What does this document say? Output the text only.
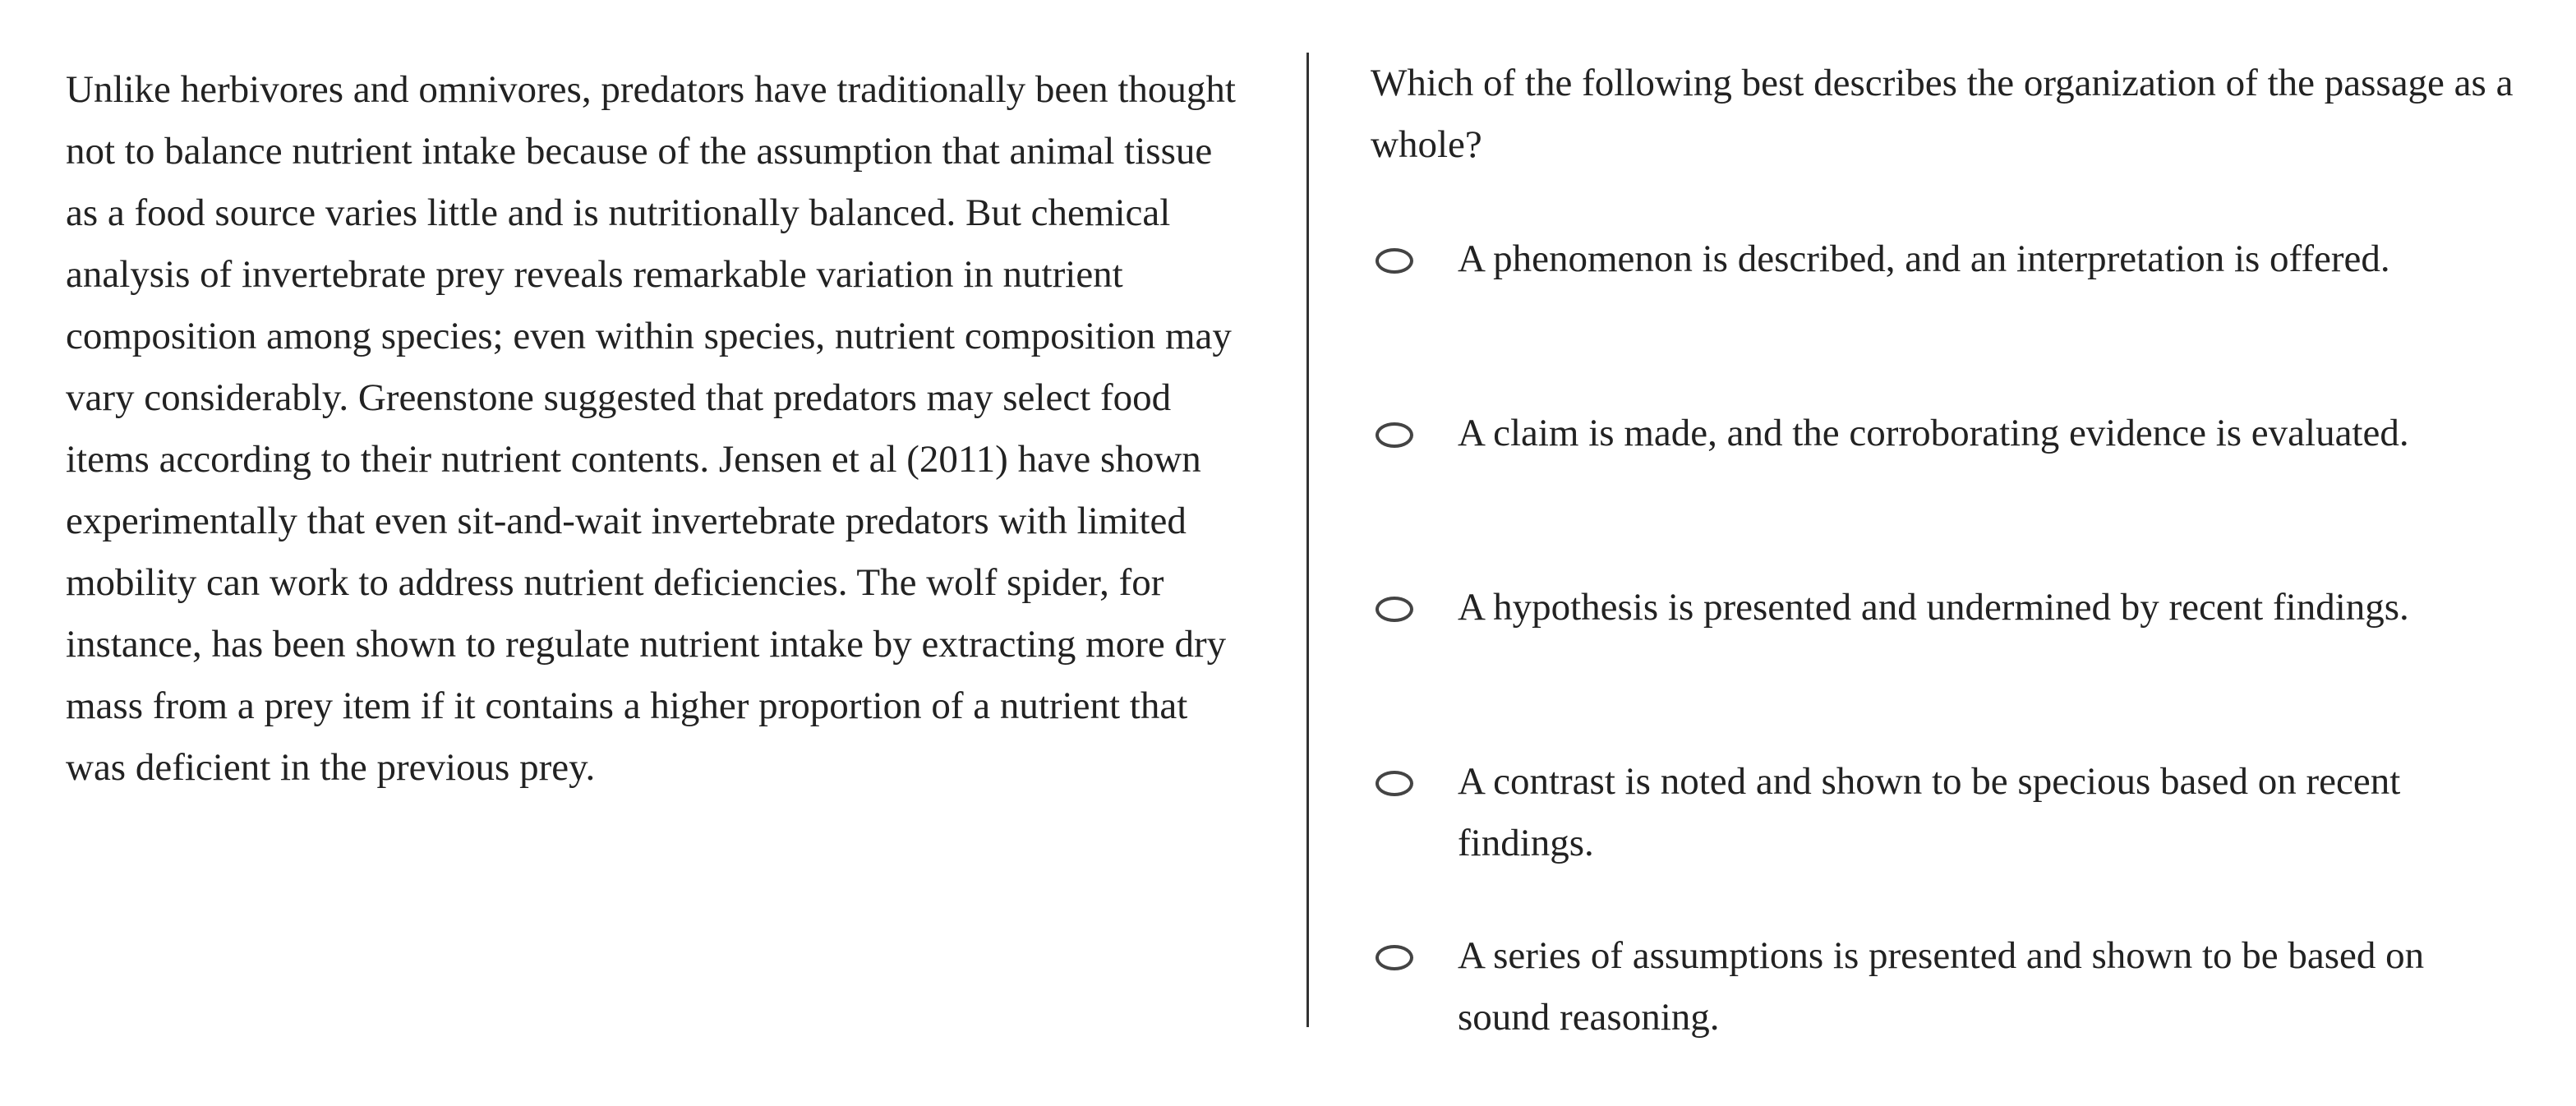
Unlike herbivores and omnivores, predators have traditionally been thought not to balance nutrient intake because of the assumption that animal tissue as a food source varies little and is nutritionally balanced. But chemical analysis of invertebrate prey reveals remarkable variation in nutrient composition among species; even within species, nutrient composition may vary considerably. Greenstone suggested that predators may select food items according to their nutrient contents. Jensen et al (2011) have shown experimentally that even sit-and-wait invertebrate predators with limited mobility can work to address nutrient deficiencies. The wolf spider, for instance, has been shown to regulate nutrient intake by extracting more dry mass from a prey item if it contains a higher proportion of a nutrient that was deficient in the previous prey.

Which of the following best describes the organization of the passage as a whole?

A phenomenon is described, and an interpretation is offered.
A claim is made, and the corroborating evidence is evaluated.
A hypothesis is presented and undermined by recent findings.
A contrast is noted and shown to be specious based on recent findings.
A series of assumptions is presented and shown to be based on sound reasoning.
